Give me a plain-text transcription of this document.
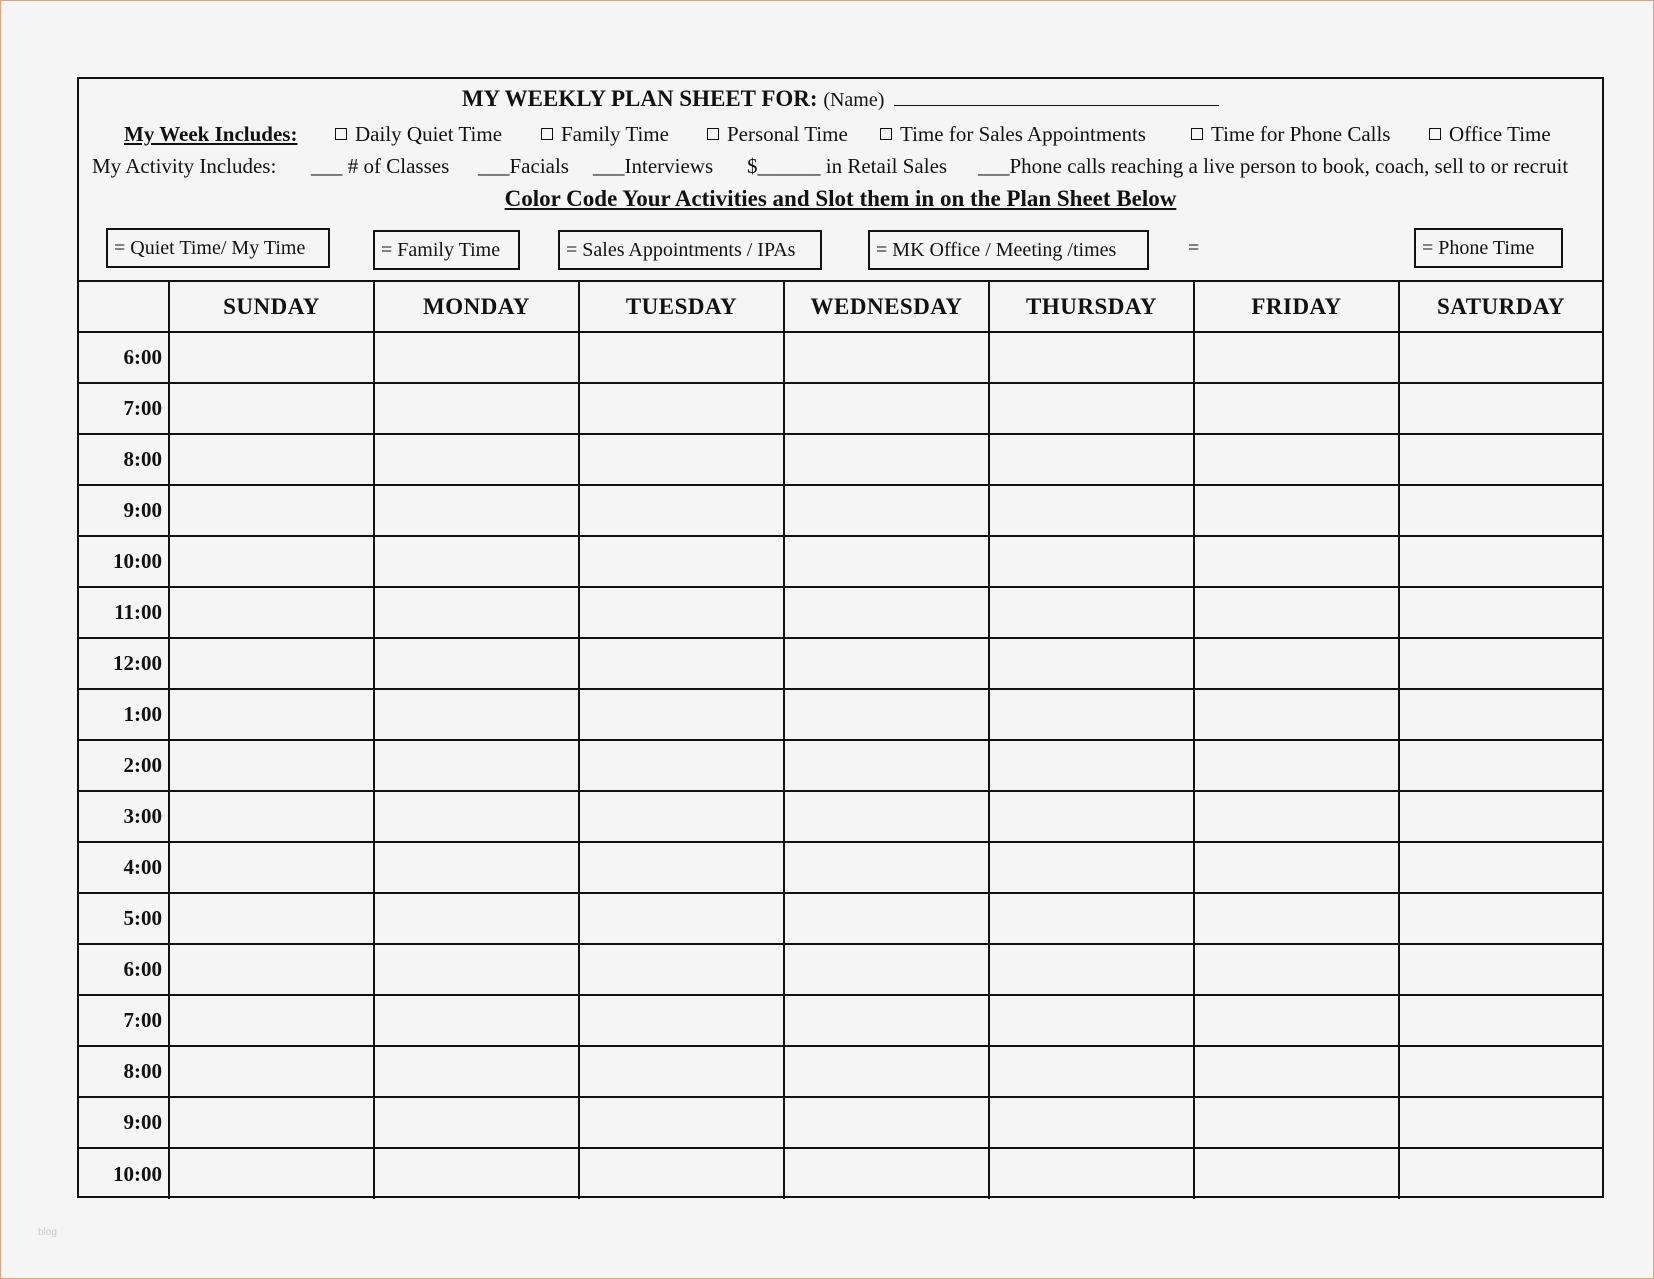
MY WEEKLY PLAN SHEET FOR: (Name)
My Week Includes:	Daily Quiet Time	Family Time	Personal Time	Time for Sales Appointments	Time for Phone Calls	Office Time
My Activity Includes: ___ # of Classes ___Facials ___Interviews $______ in Retail Sales ___Phone calls reaching a live person to book, coach, sell to or recruit
Color Code Your Activities and Slot them in on the Plan Sheet Below
= Quiet Time/ My Time	= Family Time	= Sales Appointments / IPAs	= MK Office / Meeting /times	=	= Phone Time
	SUNDAY	MONDAY	TUESDAY	WEDNESDAY	THURSDAY	FRIDAY	SATURDAY
6:00							
7:00							
8:00							
9:00							
10:00							
11:00							
12:00							
1:00							
2:00							
3:00							
4:00							
5:00							
6:00							
7:00							
8:00							
9:00							
10:00							
blog
